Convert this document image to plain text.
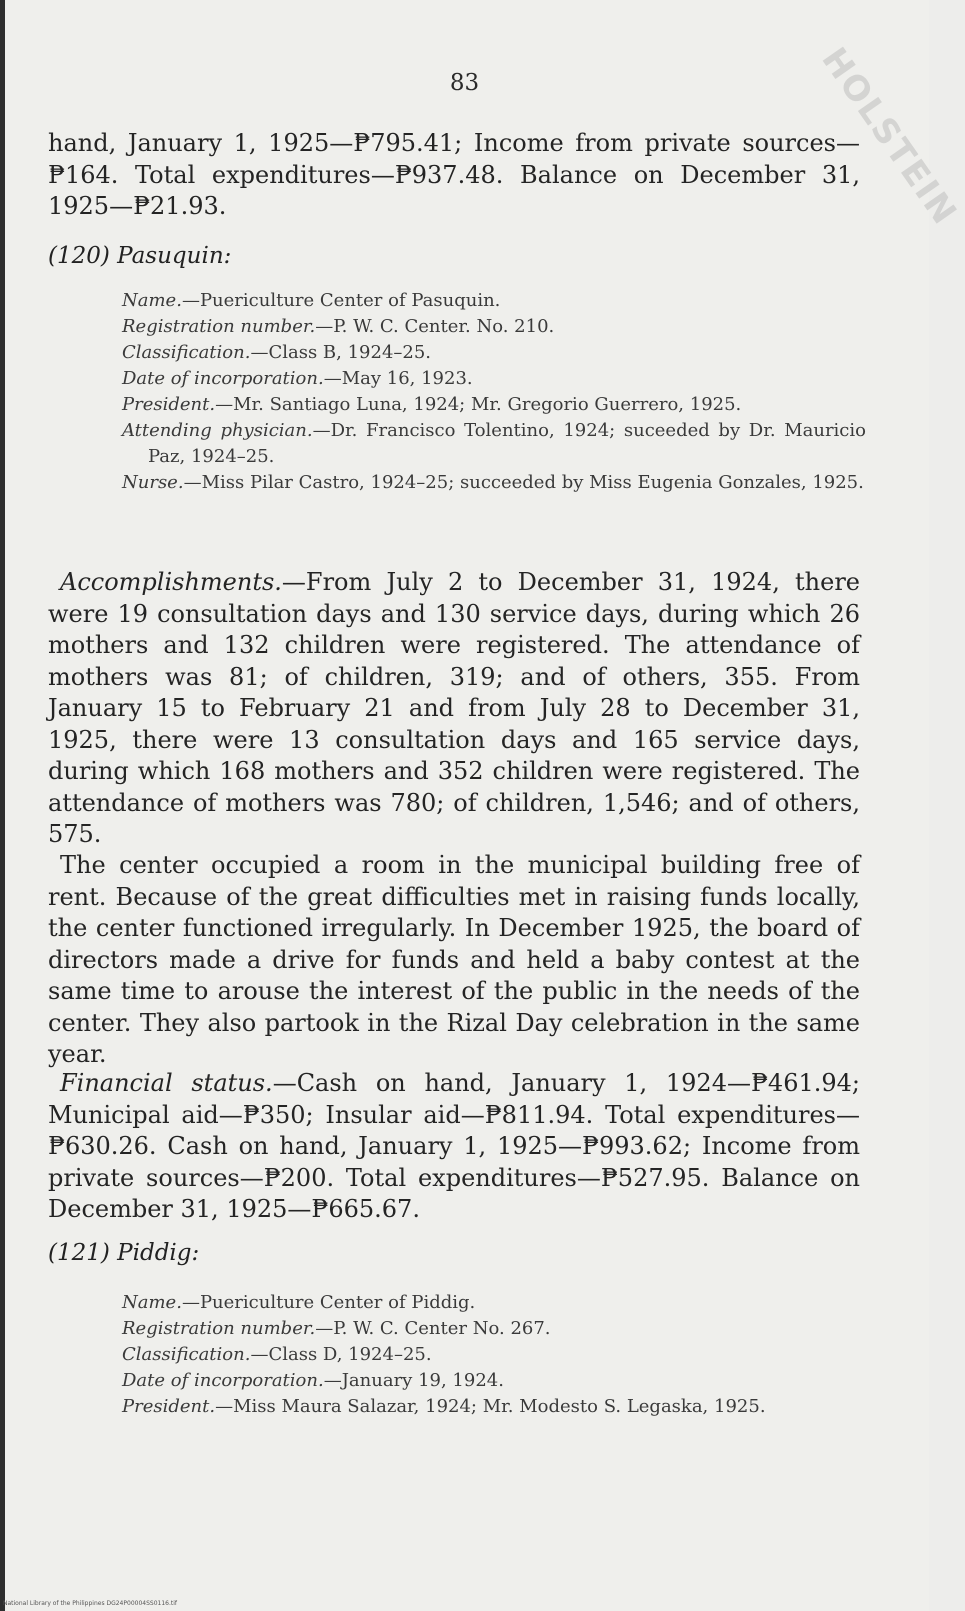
HOLSTEIN
83
hand, January 1, 1925—₱795.41; Income from private sources—₱164. Total expenditures—₱937.48. Balance on December 31, 1925—₱21.93.
(120) Pasuquin:
Name.—Puericulture Center of Pasuquin.
Registration number.—P. W. C. Center. No. 210.
Classification.—Class B, 1924–25.
Date of incorporation.—May 16, 1923.
President.—Mr. Santiago Luna, 1924; Mr. Gregorio Guerrero, 1925.
Attending physician.—Dr. Francisco Tolentino, 1924; suceeded by Dr. Mauricio Paz, 1924–25.
Nurse.—Miss Pilar Castro, 1924–25; succeeded by Miss Eugenia Gonzales, 1925.
Accomplishments.—From July 2 to December 31, 1924, there were 19 consultation days and 130 service days, during which 26 mothers and 132 children were registered. The attendance of mothers was 81; of children, 319; and of others, 355. From January 15 to February 21 and from July 28 to December 31, 1925, there were 13 consultation days and 165 service days, during which 168 mothers and 352 children were registered. The attendance of mothers was 780; of children, 1,546; and of others, 575.
The center occupied a room in the municipal building free of rent. Because of the great difficulties met in raising funds locally, the center functioned irregularly. In December 1925, the board of directors made a drive for funds and held a baby contest at the same time to arouse the interest of the public in the needs of the center. They also partook in the Rizal Day celebration in the same year.
Financial status.—Cash on hand, January 1, 1924—₱461.94; Municipal aid—₱350; Insular aid—₱811.94. Total expenditures—₱630.26. Cash on hand, January 1, 1925—₱993.62; Income from private sources—₱200. Total expenditures—₱527.95. Balance on December 31, 1925—₱665.67.
(121) Piddig:
Name.—Puericulture Center of Piddig.
Registration number.—P. W. C. Center No. 267.
Classification.—Class D, 1924–25.
Date of incorporation.—January 19, 1924.
President.—Miss Maura Salazar, 1924; Mr. Modesto S. Legaska, 1925.
National Library of the Philippines DG24P00004SS0116.tif
